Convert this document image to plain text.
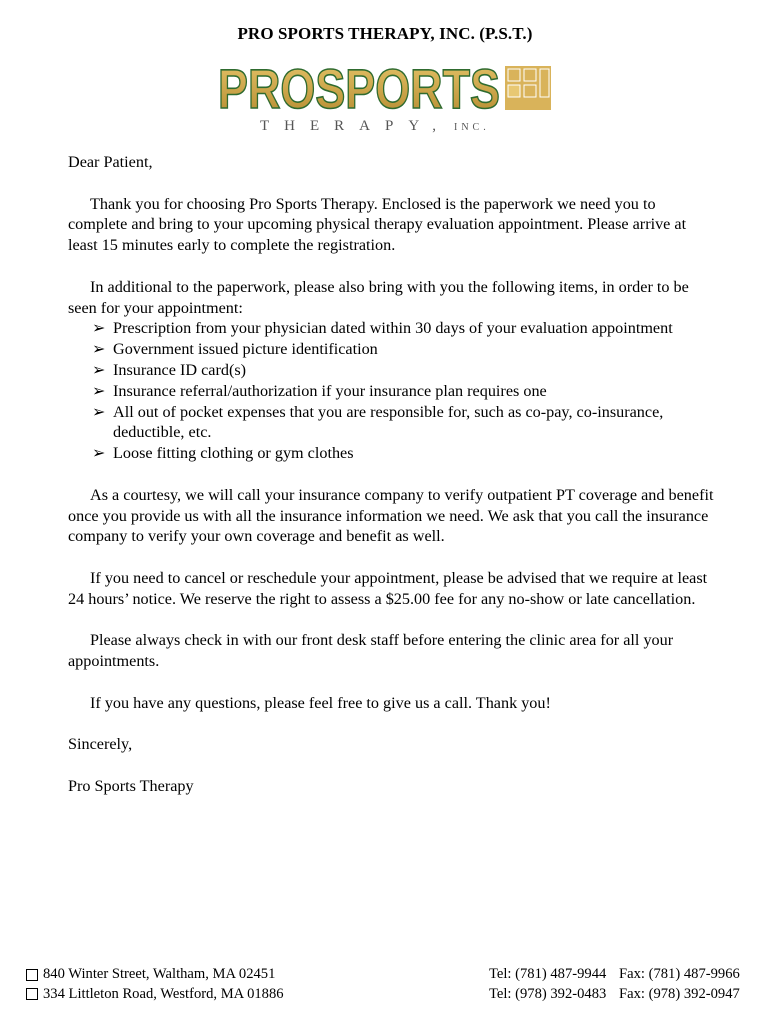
PRO SPORTS THERAPY, INC. (P.S.T.)
PROSPORTS
THERAPY, INC.

Dear Patient,

Thank you for choosing Pro Sports Therapy. Enclosed is the paperwork we need you to complete and bring to your upcoming physical therapy evaluation appointment. Please arrive at least 15 minutes early to complete the registration.

In additional to the paperwork, please also bring with you the following items, in order to be seen for your appointment:

➢ Prescription from your physician dated within 30 days of your evaluation appointment
➢ Government issued picture identification
➢ Insurance ID card(s)
➢ Insurance referral/authorization if your insurance plan requires one
➢ All out of pocket expenses that you are responsible for, such as co-pay, co-insurance, deductible, etc.
➢ Loose fitting clothing or gym clothes

As a courtesy, we will call your insurance company to verify outpatient PT coverage and benefit once you provide us with all the insurance information we need. We ask that you call the insurance company to verify your own coverage and benefit as well.

If you need to cancel or reschedule your appointment, please be advised that we require at least 24 hours’ notice. We reserve the right to assess a $25.00 fee for any no-show or late cancellation.

Please always check in with our front desk staff before entering the clinic area for all your appointments.

If you have any questions, please feel free to give us a call. Thank you!

Sincerely,

Pro Sports Therapy

840 Winter Street, Waltham, MA 02451
334 Littleton Road, Westford, MA 01886
Tel: (781) 487-9944 Fax: (781) 487-9966
Tel: (978) 392-0483 Fax: (978) 392-0947
